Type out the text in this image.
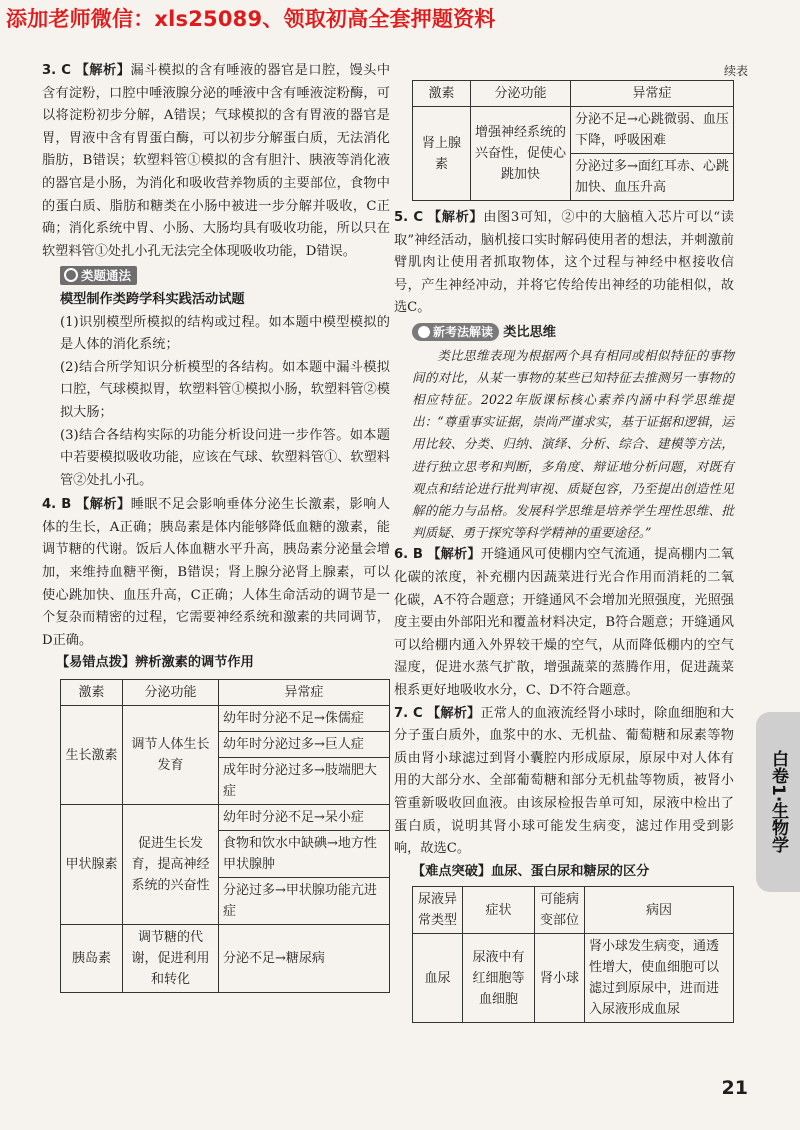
添加老师微信：xls25089、领取初高全套押题资料
3. C 【解析】漏斗模拟的含有唾液的器官是口腔，馒头中含有淀粉，口腔中唾液腺分泌的唾液中含有唾液淀粉酶，可以将淀粉初步分解，A错误；气球模拟的含有胃液的器官是胃，胃液中含有胃蛋白酶，可以初步分解蛋白质，无法消化脂肪，B错误；软塑料管①模拟的含有胆汁、胰液等消化液的器官是小肠，为消化和吸收营养物质的主要部位，食物中的蛋白质、脂肪和糖类在小肠中被进一步分解并吸收，C正确；消化系统中胃、小肠、大肠均具有吸收功能，所以只在软塑料管①处扎小孔无法完全体现吸收功能，D错误。
类题通法
模型制作类跨学科实践活动试题
(1)识别模型所模拟的结构或过程。如本题中模型模拟的是人体的消化系统；
(2)结合所学知识分析模型的各结构。如本题中漏斗模拟口腔，气球模拟胃，软塑料管①模拟小肠，软塑料管②模拟大肠；
(3)结合各结构实际的功能分析设问进一步作答。如本题中若要模拟吸收功能，应该在气球、软塑料管①、软塑料管②处扎小孔。
4. B 【解析】睡眠不足会影响垂体分泌生长激素，影响人体的生长，A正确；胰岛素是体内能够降低血糖的激素，能调节糖的代谢。饭后人体血糖水平升高，胰岛素分泌量会增加，来维持血糖平衡，B错误；肾上腺分泌肾上腺素，可以使心跳加快、血压升高，C正确；人体生命活动的调节是一个复杂而精密的过程，它需要神经系统和激素的共同调节，D正确。
【易错点拨】辨析激素的调节作用
激素	分泌功能	异常症
生长激素	调节人体生长发育	幼年时分泌不足→侏儒症
		幼年时分泌过多→巨人症
		成年时分泌过多→肢端肥大症
甲状腺素	促进生长发育，提高神经系统的兴奋性	幼年时分泌不足→呆小症
		食物和饮水中缺碘→地方性甲状腺肿
		分泌过多→甲状腺功能亢进症
胰岛素	调节糖的代谢，促进利用和转化	分泌不足→糖尿病
续表
激素	分泌功能	异常症
肾上腺素	增强神经系统的兴奋性，促使心跳加快	分泌不足→心跳微弱、血压下降，呼吸困难
		分泌过多→面红耳赤、心跳加快、血压升高
5. C 【解析】由图3可知，②中的大脑植入芯片可以“读取”神经活动，脑机接口实时解码使用者的想法，并刺激前臂肌肉让使用者抓取物体，这个过程与神经中枢接收信号，产生神经冲动，并将它传给传出神经的功能相似，故选C。
新考法解读 类比思维
类比思维表现为根据两个具有相同或相似特征的事物间的对比，从某一事物的某些已知特征去推测另一事物的相应特征。2022年版课标核心素养内涵中科学思维提出：“尊重事实证据，崇尚严谨求实，基于证据和逻辑，运用比较、分类、归纳、演绎、分析、综合、建模等方法，进行独立思考和判断，多角度、辩证地分析问题，对既有观点和结论进行批判审视、质疑包容，乃至提出创造性见解的能力与品格。发展科学思维是培养学生理性思维、批判质疑、勇于探究等科学精神的重要途径。”
6. B 【解析】开缝通风可使棚内空气流通，提高棚内二氧化碳的浓度，补充棚内因蔬菜进行光合作用而消耗的二氧化碳，A不符合题意；开缝通风不会增加光照强度，光照强度主要由外部阳光和覆盖材料决定，B符合题意；开缝通风可以给棚内通入外界较干燥的空气，从而降低棚内的空气湿度，促进水蒸气扩散，增强蔬菜的蒸腾作用，促进蔬菜根系更好地吸收水分，C、D不符合题意。
7. C 【解析】正常人的血液流经肾小球时，除血细胞和大分子蛋白质外，血浆中的水、无机盐、葡萄糖和尿素等物质由肾小球滤过到肾小囊腔内形成原尿，原尿中对人体有用的大部分水、全部葡萄糖和部分无机盐等物质，被肾小管重新吸收回血液。由该尿检报告单可知，尿液中检出了蛋白质，说明其肾小球可能发生病变，滤过作用受到影响，故选C。
【难点突破】血尿、蛋白尿和糖尿的区分
尿液异常类型	症状	可能病变部位	病因
血尿	尿液中有红细胞等血细胞	肾小球	肾小球发生病变，通透性增大，使血细胞可以滤过到原尿中，进而进入尿液形成血尿
白卷1·生物学
21
